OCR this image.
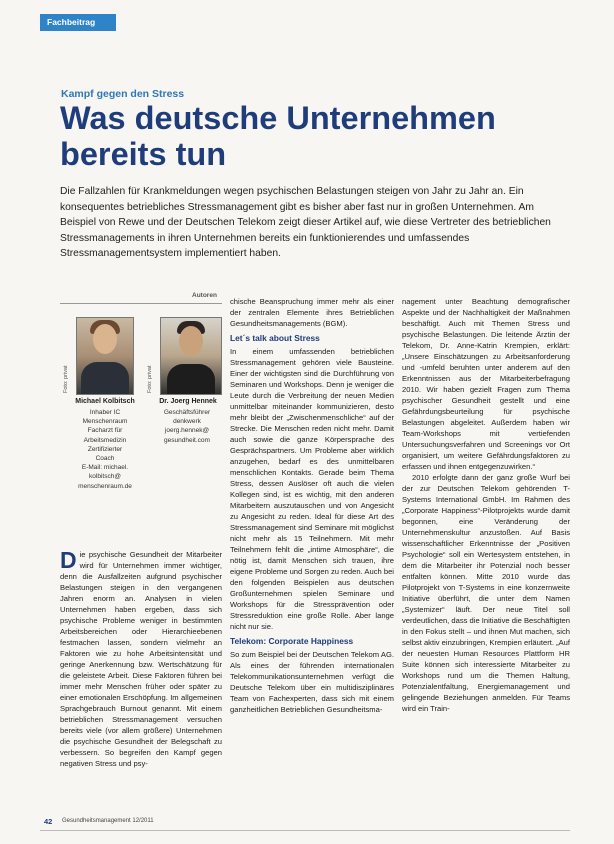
Fachbeitrag
Kampf gegen den Stress
Was deutsche Unternehmen bereits tun
Die Fallzahlen für Krankmeldungen wegen psychischen Belastungen steigen von Jahr zu Jahr an. Ein konsequentes betriebliches Stressmanagement gibt es bisher aber fast nur in großen Unternehmen. Am Beispiel von Rewe und der Deutschen Telekom zeigt dieser Artikel auf, wie diese Vertreter des betrieblichen Stressmanagements in ihren Unternehmen bereits ein funktionierendes und umfassendes Stressmanagementsystem implementiert haben.
Autoren
Foto: privat	Foto: privat
Michael Kolbitsch
Inhaber IC
Menschenraum
Facharzt für
Arbeitsmedizin
Zertifizierter
Coach
E-Mail: michael.
kolbitsch@
menschenraum.de
Dr. Joerg Hennek
Geschäftsführer
denkwerk
joerg.hennek@
gesundheit.com

Die psychische Gesundheit der Mitarbeiter wird für Unternehmen immer wichtiger, denn die Ausfallzeiten aufgrund psychischer Belastungen steigen in den vergangenen Jahren enorm an. Analysen in vielen Unternehmen haben ergeben, dass sich psychische Probleme weniger in bestimmten Arbeitsbereichen oder Hierarchieebenen festmachen lassen, sondern vielmehr an Faktoren wie zu hohe Arbeitsintensität und geringe Anerkennung bzw. Wertschätzung für die geleistete Arbeit. Diese Faktoren führen bei immer mehr Menschen früher oder später zu einer emotionalen Erschöpfung. Im allgemeinen Sprachgebrauch Burnout genannt. Mit einem betrieblichen Stressmanagement versuchen bereits viele (vor allem größere) Unternehmen die psychische Gesundheit der Belegschaft zu verbessern. So begreifen den Kampf gegen negativen Stress und psy-

chische Beanspruchung immer mehr als einer der zentralen Elemente ihres Betrieblichen Gesundheitsmanagements (BGM).

Let´s talk about Stress

In einem umfassenden betrieblichen Stressmanagement gehören viele Bausteine. Einer der wichtigsten sind die Durchführung von Seminaren und Workshops. Denn je weniger die Leute durch die Verbreitung der neuen Medien unmittelbar miteinander kommunizieren, desto mehr bleibt der „Zwischenmenschliche“ auf der Strecke. Die Menschen reden nicht mehr. Damit auch sowie die ganze Körpersprache des Gesprächspartners. Um Probleme aber wirklich anzugehen, bedarf es des unmittelbaren menschlichen Kontakts. Gerade beim Thema Stress, dessen Auslöser oft auch die vielen Kollegen sind, ist es wichtig, mit den anderen Mitarbeitern auszutauschen und von Angesicht zu Angesicht zu reden. Ideal für diese Art des Stressmanagement sind Seminare mit möglichst nicht mehr als 15 Teilnehmern. Mit mehr Teilnehmern fehlt die „intime Atmosphäre“, die nötig ist, damit Menschen sich trauen, ihre eigene Probleme und Sorgen zu reden. Auch bei den folgenden Beispielen aus deutschen Großunternehmen spielen Seminare und Workshops für die Stressprävention oder Stressreduktion eine große Rolle. Aber lange nicht nur sie.

Telekom: Corporate Happiness

So zum Beispiel bei der Deutschen Telekom AG. Als eines der führenden internationalen Telekommunikationsunternehmen verfügt die Deutsche Telekom über ein multidisziplinäres Team von Fachexperten, dass sich mit einem ganzheitlichen Betrieblichen Gesundheitsma-

nagement unter Beachtung demografischer Aspekte und der Nachhaltigkeit der Maßnahmen beschäftigt. Auch mit Themen Stress und psychische Belastungen. Die leitende Ärztin der Telekom, Dr. Anne-Katrin Krempien, erklärt: „Unsere Einschätzungen zu Arbeitsanforderung und -umfeld beruhten unter anderem auf den Erkenntnissen aus der Mitarbeiterbefragung 2010. Wir haben gezielt Fragen zum Thema psychischer Gesundheit gestellt und eine Gefährdungsbeurteilung für psychische Belastungen abgeleitet. Außerdem haben wir Team-Workshops mit vertiefenden Untersuchungsverfahren und Screenings vor Ort organisiert, um weitere Gefährdungsfaktoren zu erfassen und ihnen entgegenzuwirken.“

2010 erfolgte dann der ganz große Wurf bei der zur Deutschen Telekom gehörenden T-Systems International GmbH. Im Rahmen des „Corporate Happiness“-Pilotprojekts wurde damit begonnen, eine Veränderung der Unternehmenskultur anzustoßen. Auf Basis wissenschaftlicher Erkenntnisse der „Positiven Psychologie“ soll ein Wertesystem entstehen, in dem die Mitarbeiter ihr Potenzial noch besser entfalten können. Mitte 2010 wurde das Pilotprojekt von T-Systems in eine konzernweite Initiative überführt, die unter dem Namen „Systemizer“ läuft. Der neue Titel soll verdeutlichen, dass die Initiative die Beschäftigten in den Fokus stellt – und ihnen Mut machen, sich selbst aktiv einzubringen, Krempien erläutert. „Auf der neuesten Human Resources Plattform HR Suite können sich interessierte Mitarbeiter zu Workshops rund um die Themen Haltung, Potenzialentfaltung, Energiemanagement und gelingende Beziehungen anmelden. Für Teams wird ein Train-

42 Gesundheitsmanagement 12/2011
